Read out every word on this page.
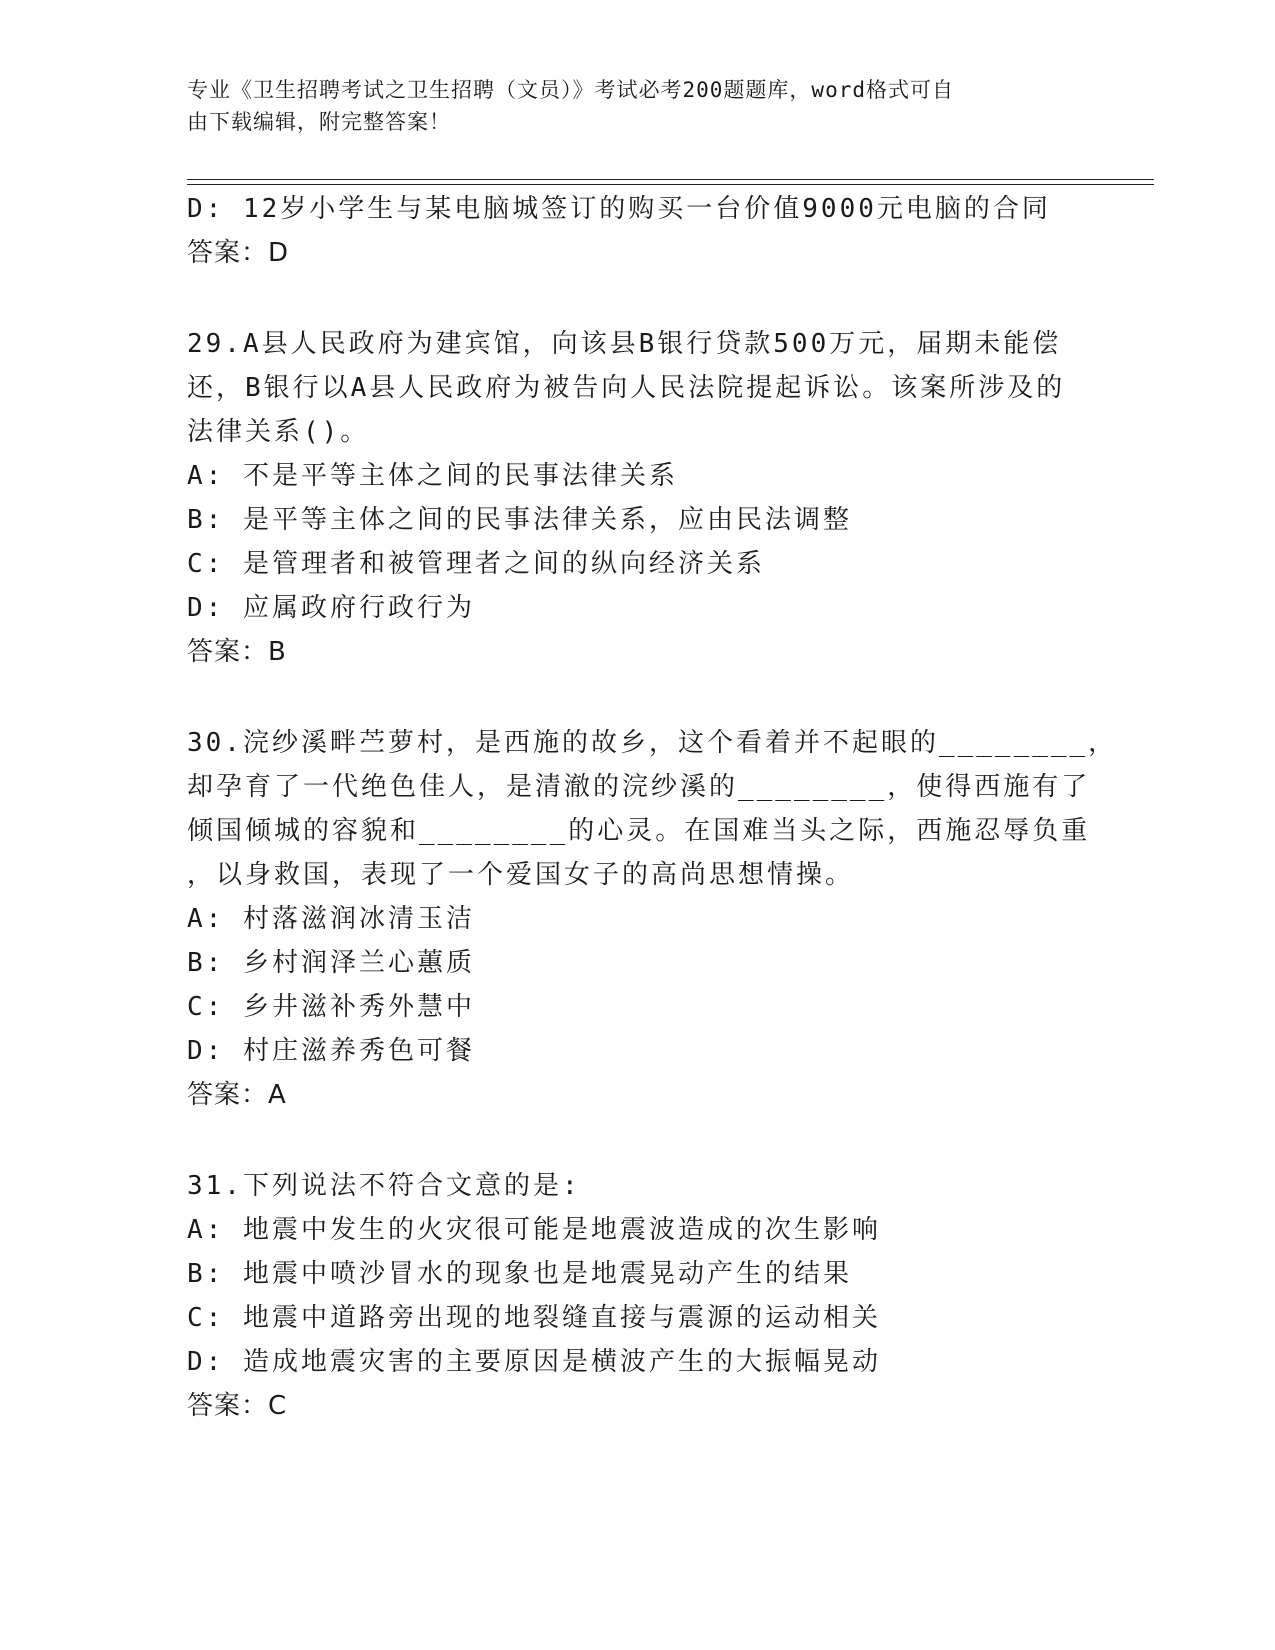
专业《卫生招聘考试之卫生招聘（文员）》考试必考200题题库，word格式可自
由下载编辑，附完整答案！
D: 12岁小学生与某电脑城签订的购买一台价值9000元电脑的合同
答案：D
29.A县人民政府为建宾馆，向该县B银行贷款500万元，届期未能偿
还，B银行以A县人民政府为被告向人民法院提起诉讼。该案所涉及的
法律关系()。
A: 不是平等主体之间的民事法律关系
B: 是平等主体之间的民事法律关系，应由民法调整
C: 是管理者和被管理者之间的纵向经济关系
D: 应属政府行政行为
答案：B
30.浣纱溪畔苎萝村，是西施的故乡，这个看着并不起眼的________，
却孕育了一代绝色佳人，是清澈的浣纱溪的________，使得西施有了
倾国倾城的容貌和________的心灵。在国难当头之际，西施忍辱负重
，以身救国，表现了一个爱国女子的高尚思想情操。
A: 村落滋润冰清玉洁
B: 乡村润泽兰心蕙质
C: 乡井滋补秀外慧中
D: 村庄滋养秀色可餐
答案：A
31.下列说法不符合文意的是:
A: 地震中发生的火灾很可能是地震波造成的次生影响
B: 地震中喷沙冒水的现象也是地震晃动产生的结果
C: 地震中道路旁出现的地裂缝直接与震源的运动相关
D: 造成地震灾害的主要原因是横波产生的大振幅晃动
答案：C
